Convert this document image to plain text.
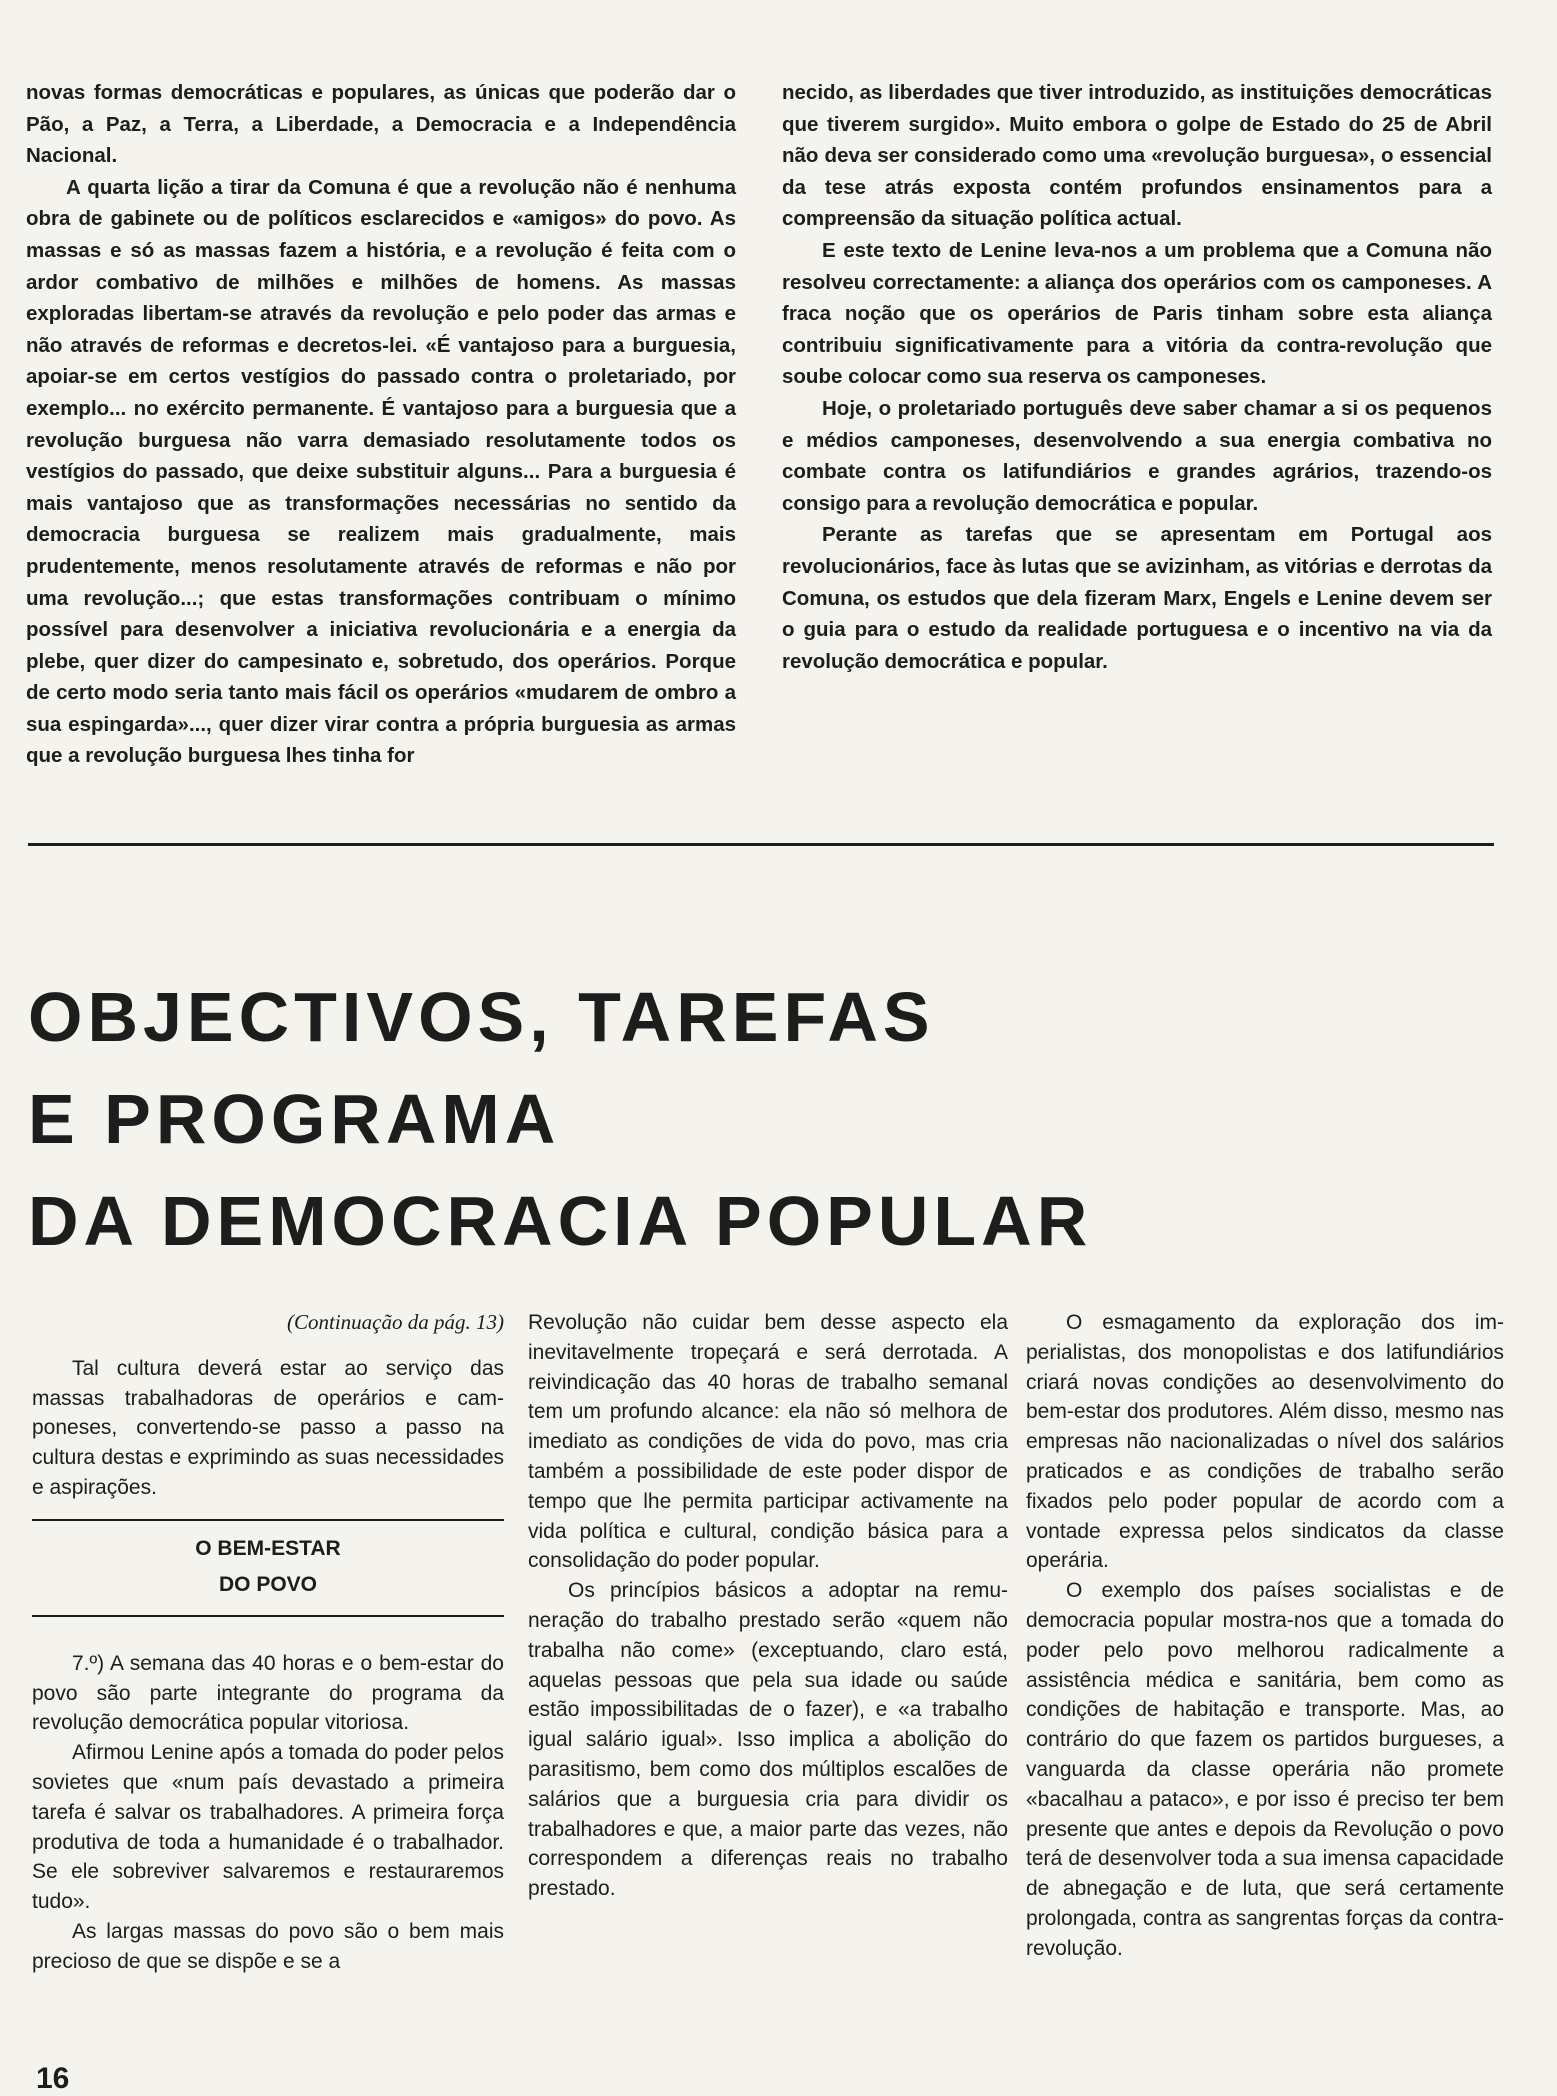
novas formas democráticas e populares, as únicas que poderão dar o Pão, a Paz, a Terra, a Liberdade, a Democracia e a Independência Nacional.

A quarta lição a tirar da Comuna é que a revolução não é nenhuma obra de gabinete ou de políticos esclarecidos e «amigos» do povo. As massas e só as massas fazem a história, e a revolução é feita com o ardor combativo de milhões e milhões de homens. As massas exploradas libertam-se através da revolução e pelo poder das armas e não através de reformas e decretos-lei. «É vantajoso para a burguesia, apoiar-se em certos vestígios do passado contra o proletariado, por exemplo... no exército permanente. É vantajoso para a burguesia que a revolução burguesa não varra demasiado resolutamente todos os vestígios do passado, que deixe substituir alguns... Para a burguesia é mais vantajoso que as transformações necessárias no sentido da democracia burguesa se realizem mais gradualmente, mais prudentemente, menos resolutamente através de reformas e não por uma revolução...; que estas transformações contribuam o mínimo possível para desenvolver a iniciativa revolucionária e a energia da plebe, quer dizer do campesinato e, sobretudo, dos operários. Porque de certo modo seria tanto mais fácil os operários «mudarem de ombro a sua espingarda»..., quer dizer virar contra a própria burguesia as armas que a revolução burguesa lhes tinha for

necido, as liberdades que tiver introduzido, as instituições democráticas que tiverem surgido». Muito embora o golpe de Estado do 25 de Abril não deva ser considerado como uma «revolução burguesa», o essencial da tese atrás exposta contém profundos ensinamentos para a compreensão da situação política actual.

E este texto de Lenine leva-nos a um problema que a Comuna não resolveu correctamente: a aliança dos operários com os camponeses. A fraca noção que os operários de Paris tinham sobre esta aliança contribuiu significativamente para a vitória da contra-revolução que soube colocar como sua reserva os camponeses.

Hoje, o proletariado português deve saber chamar a si os pequenos e médios camponeses, desenvolvendo a sua energia combativa no combate contra os latifundiários e grandes agrários, trazendo-os consigo para a revolução democrática e popular.

Perante as tarefas que se apresentam em Portugal aos revolucionários, face às lutas que se avizinham, as vitórias e derrotas da Comuna, os estudos que dela fizeram Marx, Engels e Lenine devem ser o guia para o estudo da realidade portuguesa e o incentivo na via da revolução democrática e popular.

OBJECTIVOS, TAREFAS
E PROGRAMA
DA DEMOCRACIA POPULAR

(Continuação da pág. 13)

Tal cultura deverá estar ao serviço das massas trabalhadoras de operários e camponeses, convertendo-se passo a passo na cultura destas e exprimindo as suas necessidades e aspirações.

O BEM-ESTAR
DO POVO

7.º) A semana das 40 horas e o bem-estar do povo são parte integrante do programa da revolução democrática popular vitoriosa.

Afirmou Lenine após a tomada do poder pelos sovietes que «num país devastado a primeira tarefa é salvar os trabalhadores. A primeira força produtiva de toda a humanidade é o trabalhador. Se ele sobreviver salvaremos e restauraremos tudo».

As largas massas do povo são o bem mais precioso de que se dispõe e se a

Revolução não cuidar bem desse aspecto ela inevitavelmente tropeçará e será derrotada. A reivindicação das 40 horas de trabalho semanal tem um profundo alcance: ela não só melhora de imediato as condições de vida do povo, mas cria também a possibilidade de este poder dispor de tempo que lhe permita participar activamente na vida política e cultural, condição básica para a consolidação do poder popular.

Os princípios básicos a adoptar na remuneração do trabalho prestado serão «quem não trabalha não come» (exceptuando, claro está, aquelas pessoas que pela sua idade ou saúde estão impossibilitadas de o fazer), e «a trabalho igual salário igual». Isso implica a abolição do parasitismo, bem como dos múltiplos escalões de salários que a burguesia cria para dividir os trabalhadores e que, a maior parte das vezes, não correspondem a diferenças reais no trabalho prestado.

O esmagamento da exploração dos imperialistas, dos monopolistas e dos latifundiários criará novas condições ao desenvolvimento do bem-estar dos produtores. Além disso, mesmo nas empresas não nacionalizadas o nível dos salários praticados e as condições de trabalho serão fixados pelo poder popular de acordo com a vontade expressa pelos sindicatos da classe operária.

O exemplo dos países socialistas e de democracia popular mostra-nos que a tomada do poder pelo povo melhorou radicalmente a assistência médica e sanitária, bem como as condições de habitação e transporte. Mas, ao contrário do que fazem os partidos burgueses, a vanguarda da classe operária não promete «bacalhau a pataco», e por isso é preciso ter bem presente que antes e depois da Revolução o povo terá de desenvolver toda a sua imensa capacidade de abnegação e de luta, que será certamente prolongada, contra as sangrentas forças da contra-revolução.

16
